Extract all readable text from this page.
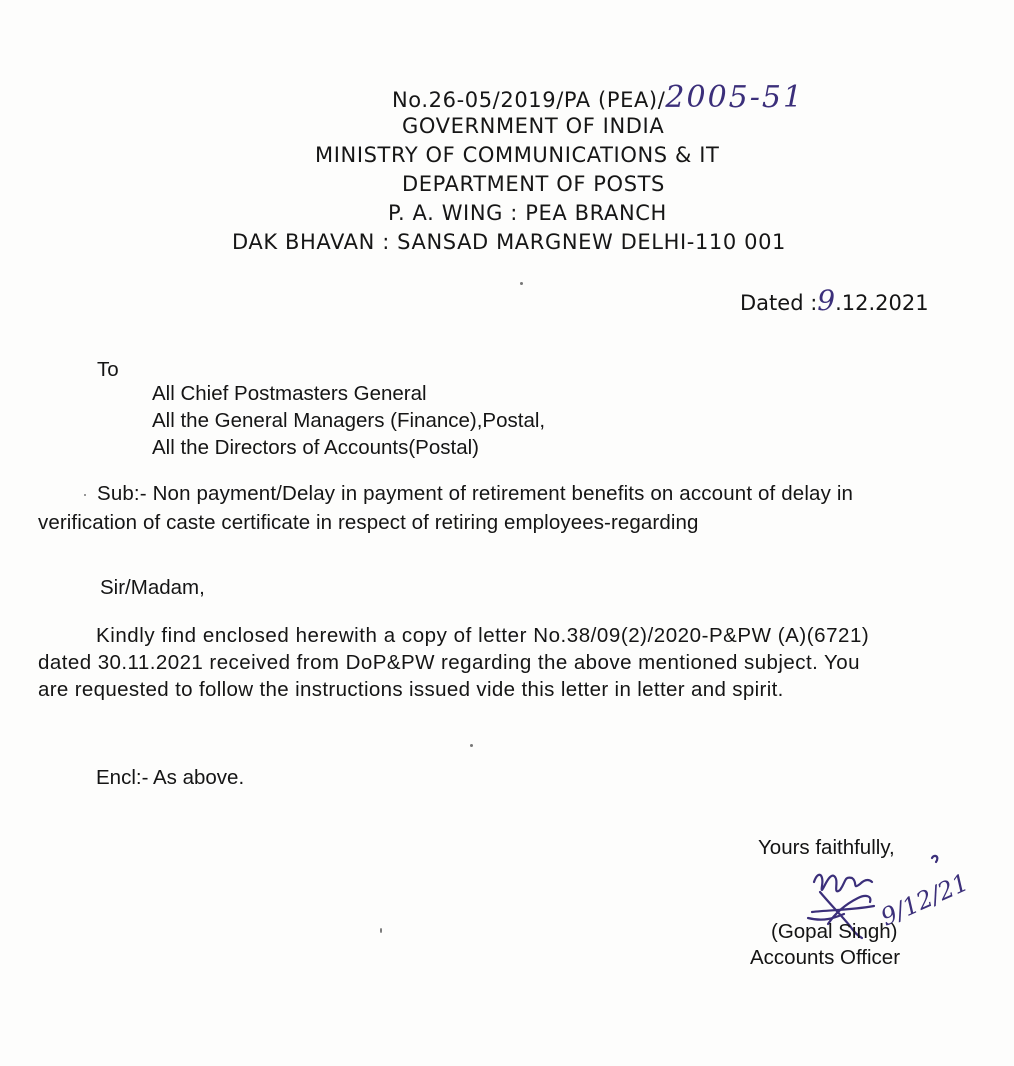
No.26-05/2019/PA (PEA)/2005-51
GOVERNMENT OF INDIA
MINISTRY OF COMMUNICATIONS & IT
DEPARTMENT OF POSTS
P. A. WING : PEA BRANCH
DAK BHAVAN : SANSAD MARGNEW DELHI-110 001
Dated :9.12.2021
To
All Chief Postmasters General
All the General Managers (Finance),Postal,
All the Directors of Accounts(Postal)
Sub:- Non payment/Delay in payment of retirement benefits on account of delay in
verification of caste certificate in respect of retiring employees-regarding
Sir/Madam,
Kindly find enclosed herewith a copy of letter No.38/09(2)/2020-P&PW (A)(6721)
dated 30.11.2021 received from DoP&PW regarding the above mentioned subject. You
are requested to follow the instructions issued vide this letter in letter and spirit.
Encl:- As above.
Yours faithfully,
9/12/21
(Gopal Singh)
Accounts Officer
